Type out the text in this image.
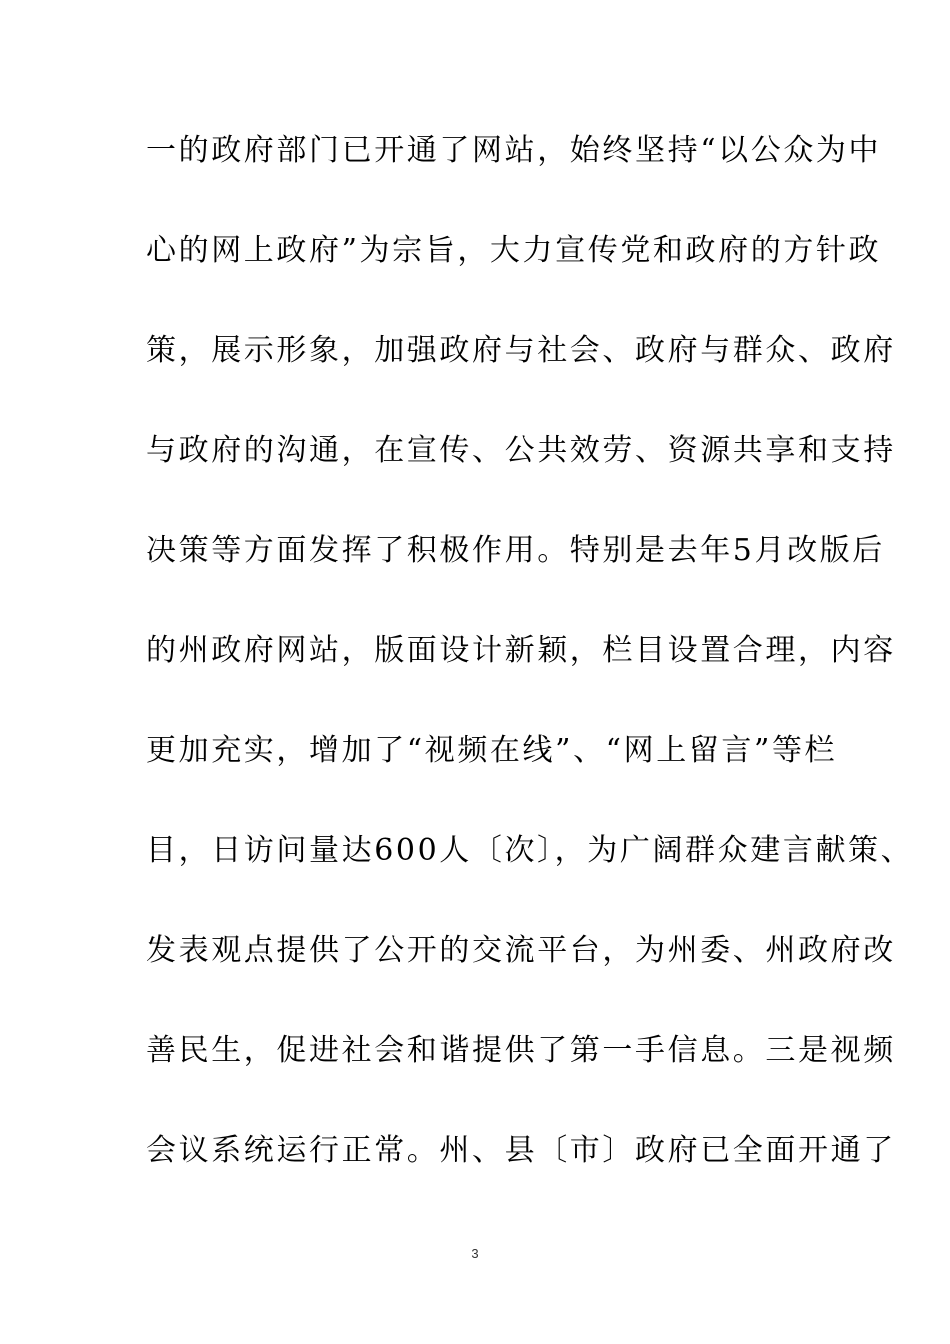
一的政府部门已开通了网站，始终坚持“以公众为中
心的网上政府”为宗旨，大力宣传党和政府的方针政
策，展示形象，加强政府与社会、政府与群众、政府
与政府的沟通，在宣传、公共效劳、资源共享和支持
决策等方面发挥了积极作用。特别是去年5月改版后
的州政府网站，版面设计新颖，栏目设置合理，内容
更加充实，增加了“视频在线”、“网上留言”等栏
目，日访问量达600人〔次〕，为广阔群众建言献策、
发表观点提供了公开的交流平台，为州委、州政府改
善民生，促进社会和谐提供了第一手信息。三是视频
会议系统运行正常。州、县〔市〕政府已全面开通了
3
